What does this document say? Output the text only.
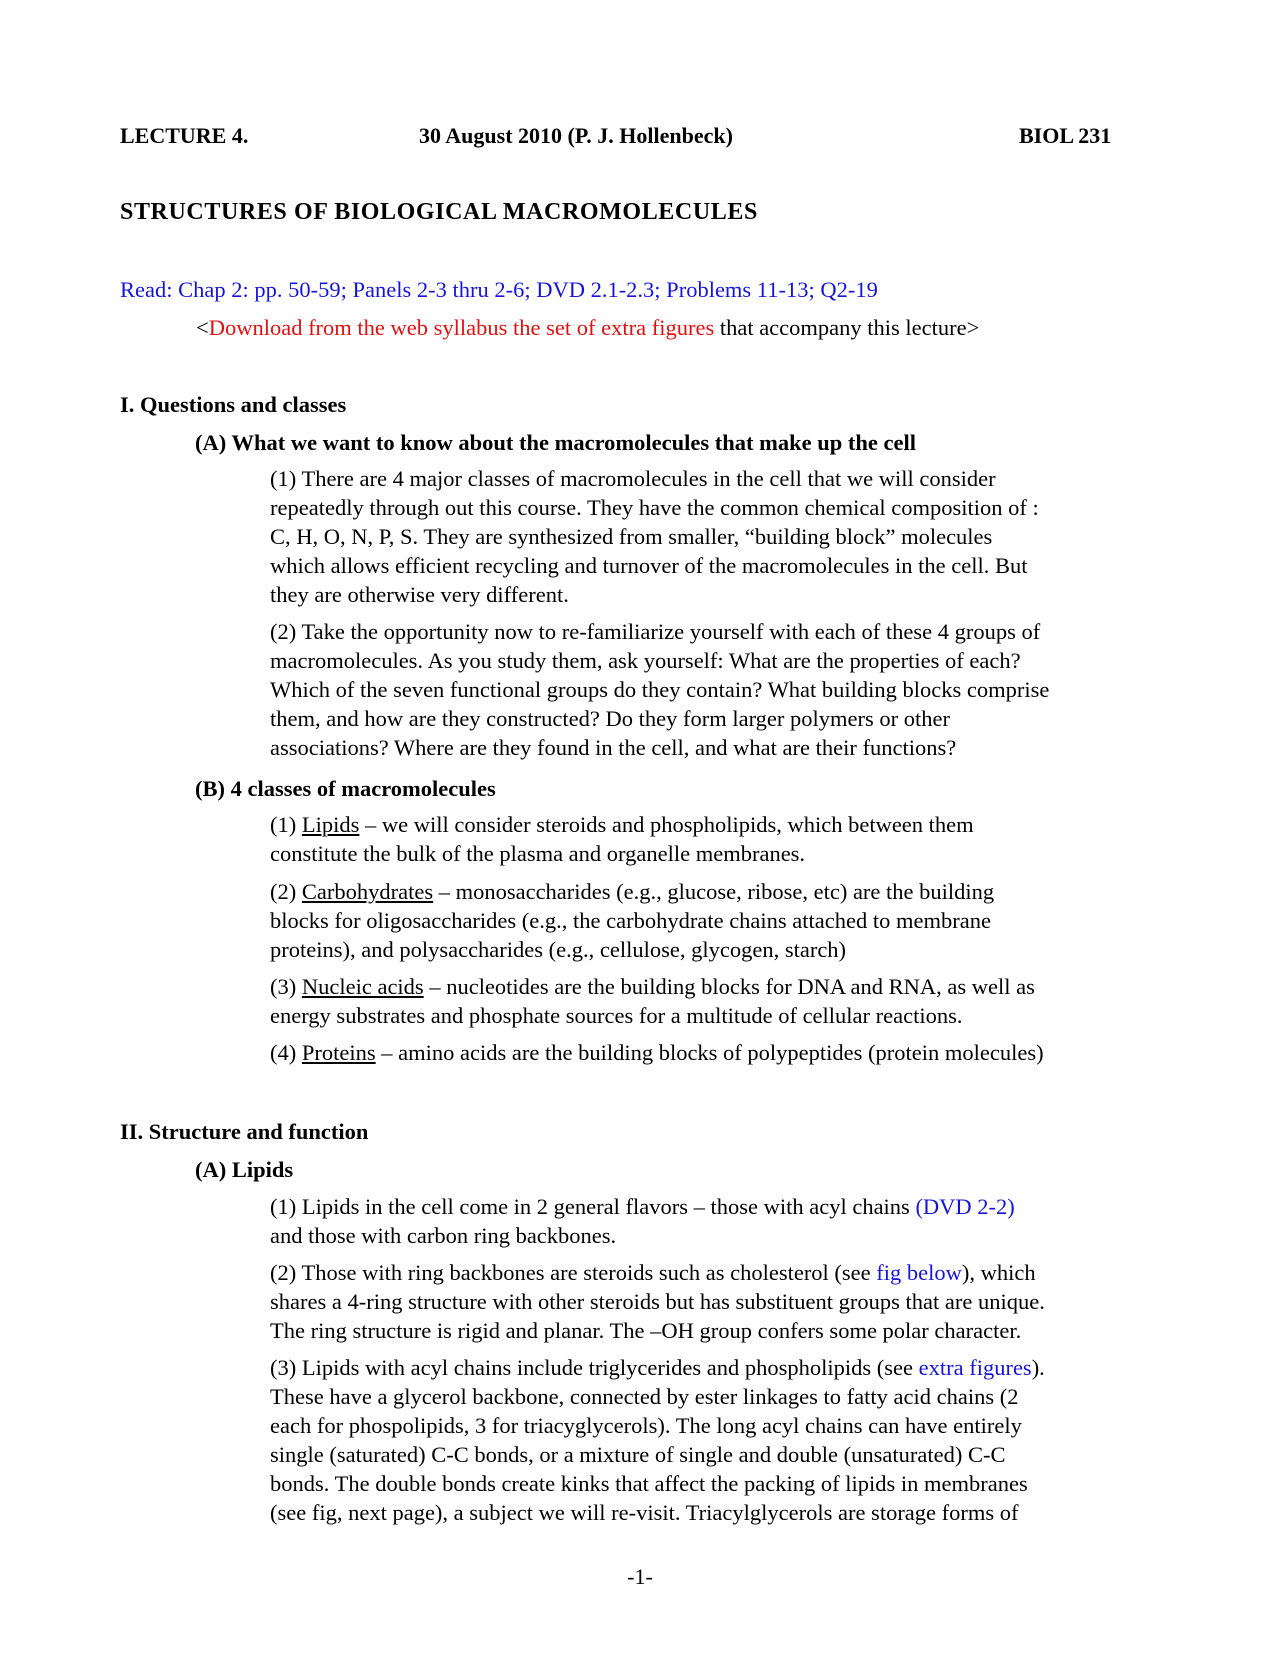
LECTURE 4.	30 August 2010 (P. J. Hollenbeck)	BIOL 231
STRUCTURES OF BIOLOGICAL MACROMOLECULES
Read: Chap 2: pp. 50-59; Panels 2-3 thru 2-6; DVD 2.1-2.3; Problems 11-13; Q2-19
<Download from the web syllabus the set of extra figures that accompany this lecture>
I. Questions and classes
(A) What we want to know about the macromolecules that make up the cell
(1) There are 4 major classes of macromolecules in the cell that we will consider
repeatedly through out this course. They have the common chemical composition of :
C, H, O, N, P, S. They are synthesized from smaller, “building block” molecules
which allows efficient recycling and turnover of the macromolecules in the cell. But
they are otherwise very different.
(2) Take the opportunity now to re-familiarize yourself with each of these 4 groups of
macromolecules. As you study them, ask yourself: What are the properties of each?
Which of the seven functional groups do they contain? What building blocks comprise
them, and how are they constructed? Do they form larger polymers or other
associations? Where are they found in the cell, and what are their functions?
(B) 4 classes of macromolecules
(1) Lipids – we will consider steroids and phospholipids, which between them
constitute the bulk of the plasma and organelle membranes.
(2) Carbohydrates – monosaccharides (e.g., glucose, ribose, etc) are the building
blocks for oligosaccharides (e.g., the carbohydrate chains attached to membrane
proteins), and polysaccharides (e.g., cellulose, glycogen, starch)
(3) Nucleic acids – nucleotides are the building blocks for DNA and RNA, as well as
energy substrates and phosphate sources for a multitude of cellular reactions.
(4) Proteins – amino acids are the building blocks of polypeptides (protein molecules)
II. Structure and function
(A) Lipids
(1) Lipids in the cell come in 2 general flavors – those with acyl chains (DVD 2-2)
and those with carbon ring backbones.
(2) Those with ring backbones are steroids such as cholesterol (see fig below), which
shares a 4-ring structure with other steroids but has substituent groups that are unique.
The ring structure is rigid and planar. The –OH group confers some polar character.
(3) Lipids with acyl chains include triglycerides and phospholipids (see extra figures).
These have a glycerol backbone, connected by ester linkages to fatty acid chains (2
each for phospolipids, 3 for triacyglycerols). The long acyl chains can have entirely
single (saturated) C-C bonds, or a mixture of single and double (unsaturated) C-C
bonds. The double bonds create kinks that affect the packing of lipids in membranes
(see fig, next page), a subject we will re-visit. Triacylglycerols are storage forms of
-1-
